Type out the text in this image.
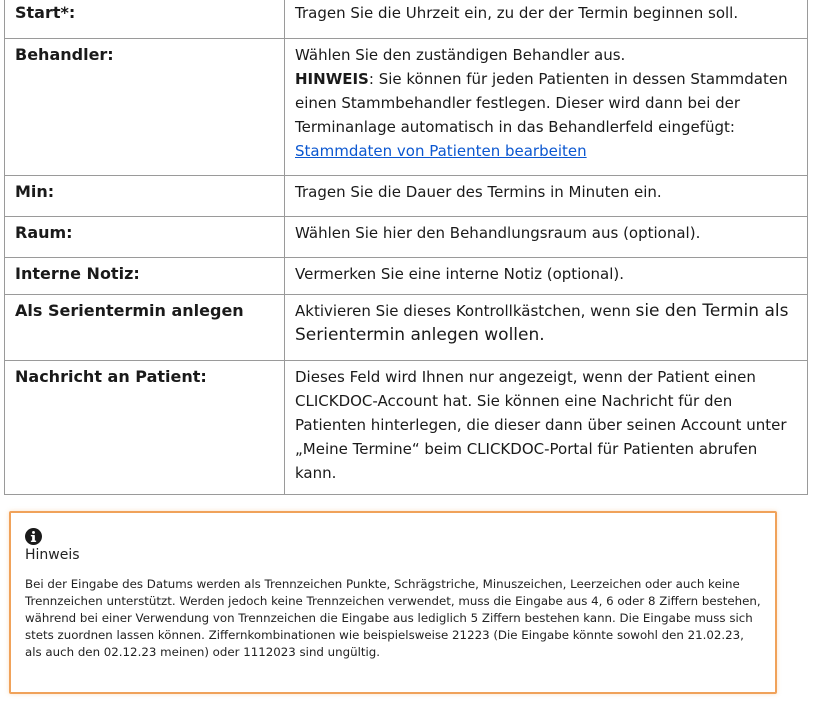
Start*:	Tragen Sie die Uhrzeit ein, zu der der Termin beginnen soll.
Behandler:	Wählen Sie den zuständigen Behandler aus.
HINWEIS: Sie können für jeden Patienten in dessen Stammdaten einen Stammbehandler festlegen. Dieser wird dann bei der Terminanlage automatisch in das Behandlerfeld eingefügt: Stammdaten von Patienten bearbeiten
Min:	Tragen Sie die Dauer des Termins in Minuten ein.
Raum:	Wählen Sie hier den Behandlungsraum aus (optional).
Interne Notiz:	Vermerken Sie eine interne Notiz (optional).
Als Serientermin anlegen	Aktivieren Sie dieses Kontrollkästchen, wenn sie den Termin als Serientermin anlegen wollen.
Nachricht an Patient:	Dieses Feld wird Ihnen nur angezeigt, wenn der Patient einen CLICKDOC-Account hat. Sie können eine Nachricht für den Patienten hinterlegen, die dieser dann über seinen Account unter „Meine Termine“ beim CLICKDOC-Portal für Patienten abrufen kann.
Hinweis
Bei der Eingabe des Datums werden als Trennzeichen Punkte, Schrägstriche, Minuszeichen, Leerzeichen oder auch keine Trennzeichen unterstützt. Werden jedoch keine Trennzeichen verwendet, muss die Eingabe aus 4, 6 oder 8 Ziffern bestehen, während bei einer Verwendung von Trennzeichen die Eingabe aus lediglich 5 Ziffern bestehen kann. Die Eingabe muss sich stets zuordnen lassen können. Ziffernkombinationen wie beispielsweise 21223 (Die Eingabe könnte sowohl den 21.02.23, als auch den 02.12.23 meinen) oder 1112023 sind ungültig.
